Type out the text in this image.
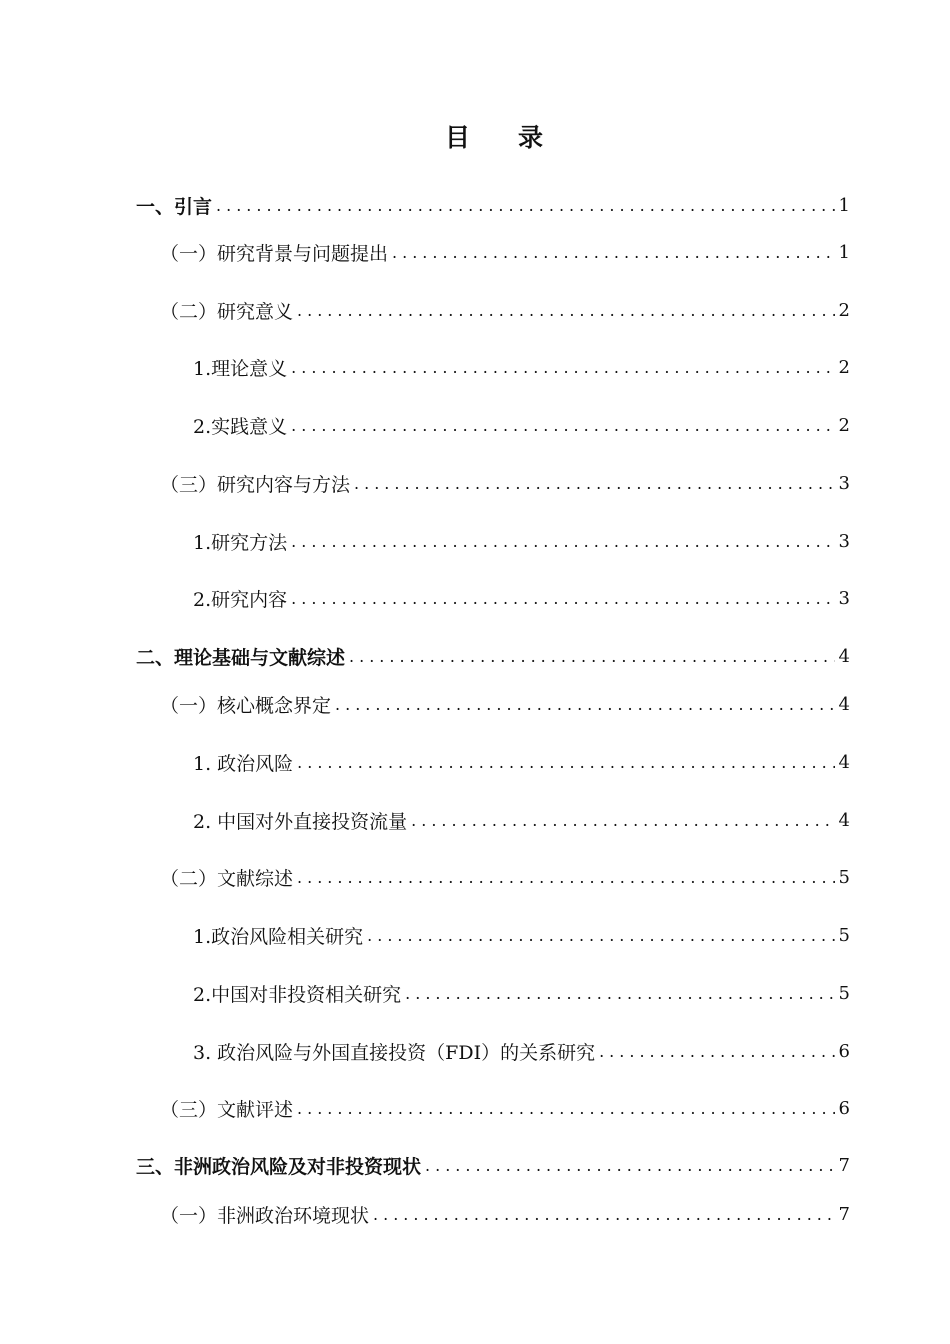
目 录
一、引言 .....	1
（一）研究背景与问题提出 .....	1
（二）研究意义 .....	2
1.理论意义 .....	2
2.实践意义 .....	2
（三）研究内容与方法 .....	3
1.研究方法 .....	3
2.研究内容 .....	3
二、理论基础与文献综述 .....	4
（一）核心概念界定 .....	4
1. 政治风险 .....	4
2. 中国对外直接投资流量 .....	4
（二）文献综述 .....	5
1.政治风险相关研究 .....	5
2.中国对非投资相关研究 .....	5
3. 政治风险与外国直接投资（FDI）的关系研究 .....	6
（三）文献评述 .....	6
三、非洲政治风险及对非投资现状 .....	7
（一）非洲政治环境现状 .....	7
